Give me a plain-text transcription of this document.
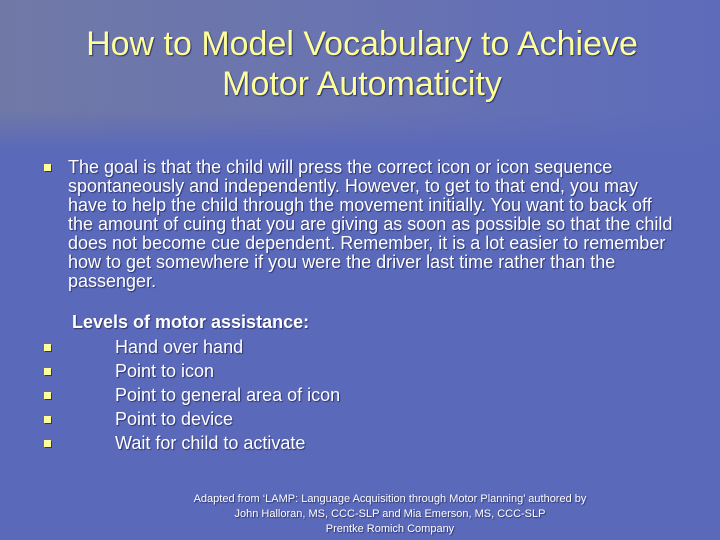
How to Model Vocabulary to Achieve
Motor Automaticity

The goal is that the child will press the correct icon or icon sequence spontaneously and independently. However, to get to that end, you may have to help the child through the movement initially. You want to back off the amount of cuing that you are giving as soon as possible so that the child does not become cue dependent. Remember, it is a lot easier to remember how to get somewhere if you were the driver last time rather than the passenger.

Levels of motor assistance:
Hand over hand
Point to icon
Point to general area of icon
Point to device
Wait for child to activate
Adapted from ‘LAMP: Language Acquisition through Motor Planning’ authored by
John Halloran, MS, CCC-SLP and Mia Emerson, MS, CCC-SLP
Prentke Romich Company
